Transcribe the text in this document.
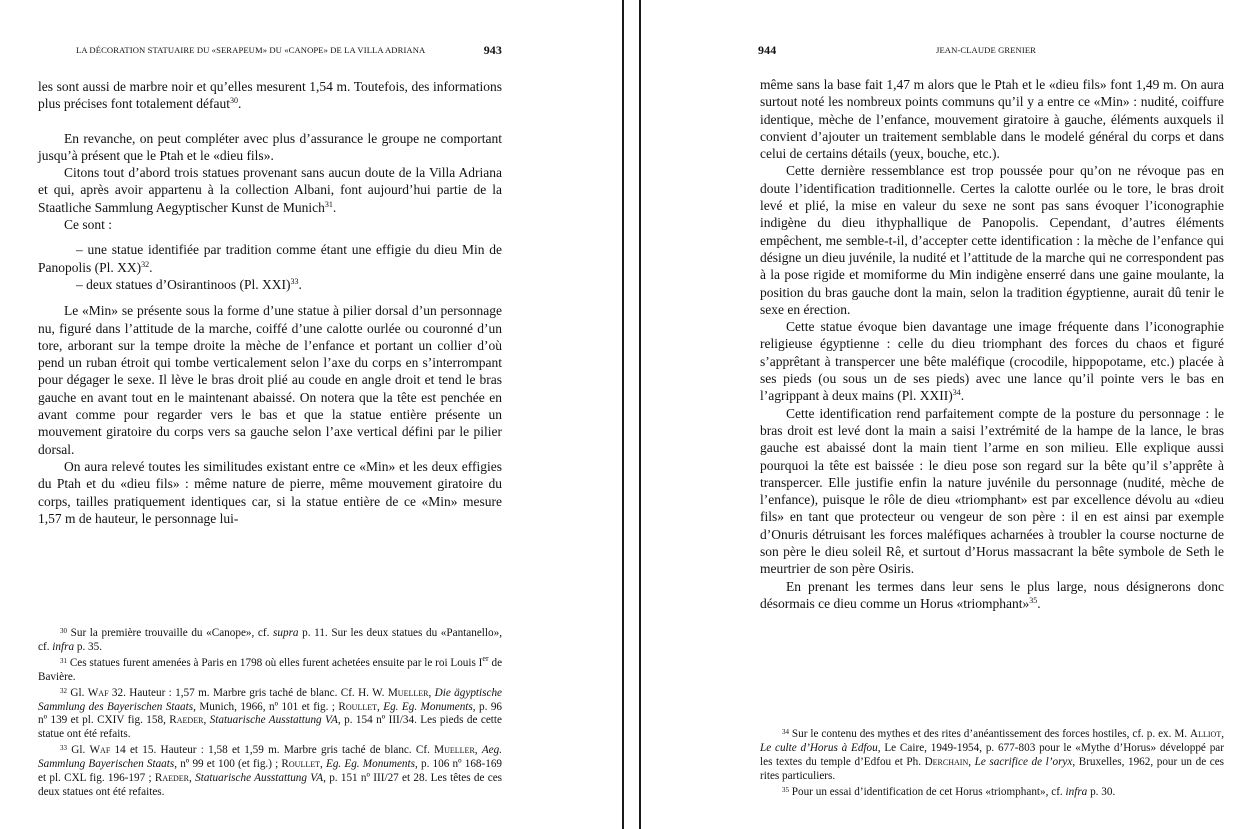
LA DÉCORATION STATUAIRE DU «SERAPEUM» DU «CANOPE» DE LA VILLA ADRIANA	943

les sont aussi de marbre noir et qu’elles mesurent 1,54 m. Toutefois, des informations plus précises font totalement défaut$^{30}$.

En revanche, on peut compléter avec plus d’assurance le groupe ne comportant jusqu’à présent que le Ptah et le «dieu fils».

Citons tout d’abord trois statues provenant sans aucun doute de la Villa Adriana et qui, après avoir appartenu à la collection Albani, font aujourd’hui partie de la Staatliche Sammlung Aegyptischer Kunst de Munich$^{31}$.

Ce sont :

– une statue identifiée par tradition comme étant une effigie du dieu Min de Panopolis (Pl. XX)$^{32}$.

– deux statues d’Osirantinoos (Pl. XXI)$^{33}$.

Le «Min» se présente sous la forme d’une statue à pilier dorsal d’un personnage nu, figuré dans l’attitude de la marche, coiffé d’une calotte ourlée ou couronné d’un tore, arborant sur la tempe droite la mèche de l’enfance et portant un collier d’où pend un ruban étroit qui tombe verticalement selon l’axe du corps en s’interrompant pour dégager le sexe. Il lève le bras droit plié au coude en angle droit et tend le bras gauche en avant tout en le maintenant abaissé. On notera que la tête est penchée en avant comme pour regarder vers le bas et que la statue entière présente un mouvement giratoire du corps vers sa gauche selon l’axe vertical défini par le pilier dorsal.

On aura relevé toutes les similitudes existant entre ce «Min» et les deux effigies du Ptah et du «dieu fils» : même nature de pierre, même mouvement giratoire du corps, tailles pratiquement identiques car, si la statue entière de ce «Min» mesure 1,57 m de hauteur, le personnage lui-

$^{30}$ Sur la première trouvaille du «Canope», cf. supra p. 11. Sur les deux statues du «Pantanello», cf. infra p. 35.

$^{31}$ Ces statues furent amenées à Paris en 1798 où elles furent achetées ensuite par le roi Louis Ier de Bavière.

$^{32}$ Gl. Waf 32. Hauteur : 1,57 m. Marbre gris taché de blanc. Cf. H. W. Mueller, Die ägyptische Sammlung des Bayerischen Staats, Munich, 1966, nº 101 et fig. ; Roullet, Eg. Eg. Monuments, p. 96 nº 139 et pl. CXIV fig. 158, Raeder, Statuarische Ausstattung VA, p. 154 nº III/34. Les pieds de cette statue ont été refaits.

$^{33}$ Gl. Waf 14 et 15. Hauteur : 1,58 et 1,59 m. Marbre gris taché de blanc. Cf. Mueller, Aeg. Sammlung Bayerischen Staats, nº 99 et 100 (et fig.) ; Roullet, Eg. Eg. Monuments, p. 106 nº 168-169 et pl. CXL fig. 196-197 ; Raeder, Statuarische Ausstattung VA, p. 151 nº III/27 et 28. Les têtes de ces deux statues ont été refaites.

944	JEAN-CLAUDE GRENIER

même sans la base fait 1,47 m alors que le Ptah et le «dieu fils» font 1,49 m. On aura surtout noté les nombreux points communs qu’il y a entre ce «Min» : nudité, coiffure identique, mèche de l’enfance, mouvement giratoire à gauche, éléments auxquels il convient d’ajouter un traitement semblable dans le modelé général du corps et dans celui de certains détails (yeux, bouche, etc.).

Cette dernière ressemblance est trop poussée pour qu’on ne révoque pas en doute l’identification traditionnelle. Certes la calotte ourlée ou le tore, le bras droit levé et plié, la mise en valeur du sexe ne sont pas sans évoquer l’iconographie indigène du dieu ithyphallique de Panopolis. Cependant, d’autres éléments empêchent, me semble-t-il, d’accepter cette identification : la mèche de l’enfance qui désigne un dieu juvénile, la nudité et l’attitude de la marche qui ne correspondent pas à la pose rigide et momiforme du Min indigène enserré dans une gaine moulante, la position du bras gauche dont la main, selon la tradition égyptienne, aurait dû tenir le sexe en érection.

Cette statue évoque bien davantage une image fréquente dans l’iconographie religieuse égyptienne : celle du dieu triomphant des forces du chaos et figuré s’apprêtant à transpercer une bête maléfique (crocodile, hippopotame, etc.) placée à ses pieds (ou sous un de ses pieds) avec une lance qu’il pointe vers le bas en l’agrippant à deux mains (Pl. XXII)$^{34}$.

Cette identification rend parfaitement compte de la posture du personnage : le bras droit est levé dont la main a saisi l’extrémité de la hampe de la lance, le bras gauche est abaissé dont la main tient l’arme en son milieu. Elle explique aussi pourquoi la tête est baissée : le dieu pose son regard sur la bête qu’il s’apprête à transpercer. Elle justifie enfin la nature juvénile du personnage (nudité, mèche de l’enfance), puisque le rôle de dieu «triomphant» est par excellence dévolu au «dieu fils» en tant que protecteur ou vengeur de son père : il en est ainsi par exemple d’Onuris détruisant les forces maléfiques acharnées à troubler la course nocturne de son père le dieu soleil Rê, et surtout d’Horus massacrant la bête symbole de Seth le meurtrier de son père Osiris.

En prenant les termes dans leur sens le plus large, nous désignerons donc désormais ce dieu comme un Horus «triomphant»$^{35}$.

$^{34}$ Sur le contenu des mythes et des rites d’anéantissement des forces hostiles, cf. p. ex. M. Alliot, Le culte d’Horus à Edfou, Le Caire, 1949-1954, p. 677-803 pour le «Mythe d’Horus» développé par les textes du temple d’Edfou et Ph. Derchain, Le sacrifice de l’oryx, Bruxelles, 1962, pour un de ces rites particuliers.

$^{35}$ Pour un essai d’identification de cet Horus «triomphant», cf. infra p. 30.
